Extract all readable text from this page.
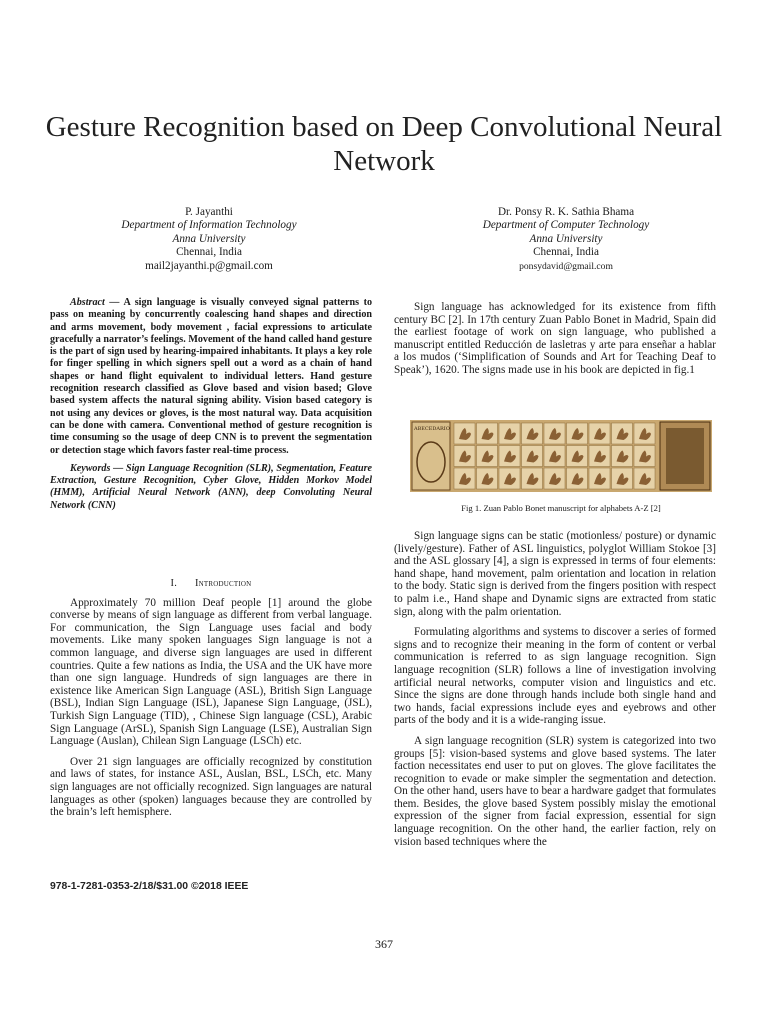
Gesture Recognition based on Deep Convolutional Neural Network
P. Jayanthi
Department of Information Technology
Anna University
Chennai, India
mail2jayanthi.p@gmail.com
Dr. Ponsy R. K. Sathia Bhama
Department of Computer Technology
Anna University
Chennai, India
ponsydavid@gmail.com

Abstract — A sign language is visually conveyed signal patterns to pass on meaning by concurrently coalescing hand shapes and direction and arms movement, body movement , facial expressions to articulate gracefully a narrator’s feelings. Movement of the hand called hand gesture is the part of sign used by hearing-impaired inhabitants. It plays a key role for finger spelling in which signers spell out a word as a chain of hand shapes or hand flight equivalent to individual letters. Hand gesture recognition research classified as Glove based and vision based; Glove based system affects the natural signing ability. Vision based category is not using any devices or gloves, is the most natural way. Data acquisition can be done with camera. Conventional method of gesture recognition is time consuming so the usage of deep CNN is to prevent the segmentation or detection stage which favors faster real-time process.

Keywords — Sign Language Recognition (SLR), Segmentation, Feature Extraction, Gesture Recognition, Cyber Glove, Hidden Morkov Model (HMM), Artificial Neural Network (ANN), deep Convoluting Neural Network (CNN)

I. Introduction

Approximately 70 million Deaf people [1] around the globe converse by means of sign language as different from verbal language. For communication, the Sign Language uses facial and body movements. Like many spoken languages Sign language is not a common language, and diverse sign languages are used in different countries. Quite a few nations as India, the USA and the UK have more than one sign language. Hundreds of sign languages are there in existence like American Sign Language (ASL), British Sign Language (BSL), Indian Sign Language (ISL), Japanese Sign Language, (JSL), Turkish Sign Language (TID), , Chinese Sign language (CSL), Arabic Sign Language (ArSL), Spanish Sign Language (LSE), Australian Sign Language (Auslan), Chilean Sign Language (LSCh) etc.

Over 21 sign languages are officially recognized by constitution and laws of states, for instance ASL, Auslan, BSL, LSCh, etc. Many sign languages are not officially recognized. Sign languages are natural languages as other (spoken) languages because they are controlled by the brain’s left hemisphere.

978-1-7281-0353-2/18/$31.00 ©2018 IEEE

Sign language has acknowledged for its existence from fifth century BC [2]. In 17th century Zuan Pablo Bonet in Madrid, Spain did the earliest footage of work on sign language, who published a manuscript entitled Reducción de lasletras y arte para enseñar a hablar a los mudos (‘Simplification of Sounds and Art for Teaching Deaf to Speak’), 1620. The signs made use in his book are depicted in fig.1

ABECEDARIO
Fig 1. Zuan Pablo Bonet manuscript for alphabets A-Z [2]

Sign language signs can be static (motionless/ posture) or dynamic (lively/gesture). Father of ASL linguistics, polyglot William Stokoe [3] and the ASL glossary [4], a sign is expressed in terms of four elements: hand shape, hand movement, palm orientation and location in relation to the body. Static sign is derived from the fingers position with respect to palm i.e., Hand shape and Dynamic signs are extracted from static sign, along with the palm orientation.

Formulating algorithms and systems to discover a series of formed signs and to recognize their meaning in the form of content or verbal communication is referred to as sign language recognition. Sign language recognition (SLR) follows a line of investigation involving artificial neural networks, computer vision and linguistics and etc. Since the signs are done through hands include both single hand and two hands, facial expressions include eyes and eyebrows and other parts of the body and it is a wide-ranging issue.

A sign language recognition (SLR) system is categorized into two groups [5]: vision-based systems and glove based systems. The later faction necessitates end user to put on gloves. The glove facilitates the recognition to evade or make simpler the segmentation and detection. On the other hand, users have to bear a hardware gadget that formulates them. Besides, the glove based System possibly mislay the emotional expression of the signer from facial expression, essential for sign language recognition. On the other hand, the earlier faction, rely on vision based techniques where the

367
